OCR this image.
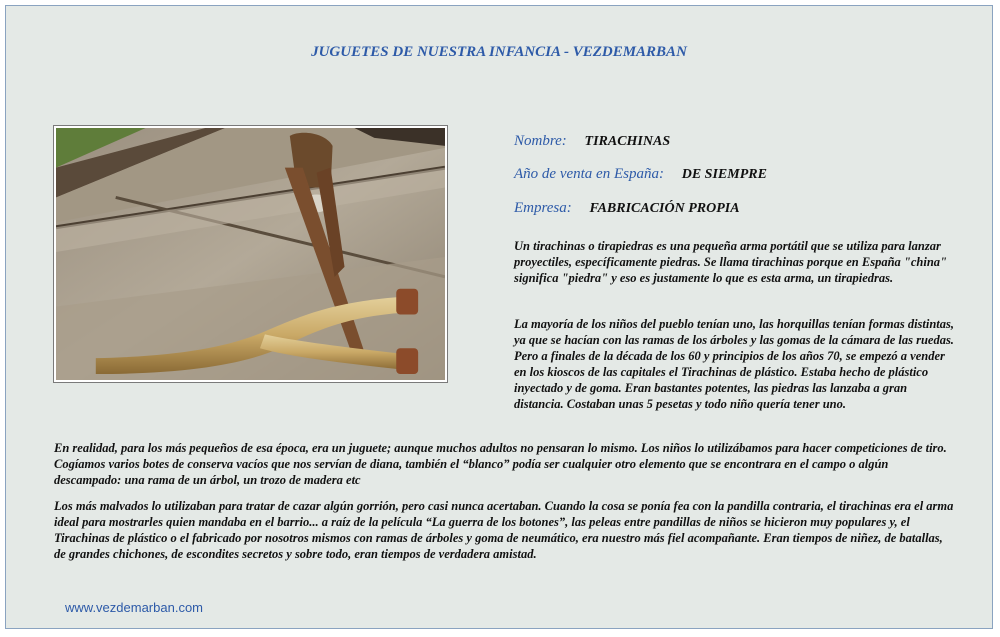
JUGUETES DE NUESTRA INFANCIA - VEZDEMARBAN
Nombre: TIRACHINAS
Año de venta en España: DE SIEMPRE
Empresa: FABRICACIÓN PROPIA

Un tirachinas o tirapiedras es una pequeña arma portátil que se utiliza para lanzar proyectiles, específicamente piedras. Se llama tirachinas porque en España "china" significa "piedra" y eso es justamente lo que es esta arma, un tirapiedras.

La mayoría de los niños del pueblo tenían uno, las horquillas tenían formas distintas, ya que se hacían con las ramas de los árboles y las gomas de la cámara de las ruedas. Pero a finales de la década de los 60 y principios de los años 70, se empezó a vender en los kioscos de las capitales el Tirachinas de plástico. Estaba hecho de plástico inyectado y de goma. Eran bastantes potentes, las piedras las lanzaba a gran distancia. Costaban unas 5 pesetas y todo niño quería tener uno.

En realidad, para los más pequeños de esa época, era un juguete; aunque muchos adultos no pensaran lo mismo. Los niños lo utilizábamos para hacer competiciones de tiro. Cogíamos varios botes de conserva vacíos que nos servían de diana, también el “blanco” podía ser cualquier otro elemento que se encontrara en el campo o algún descampado: una rama de un árbol, un trozo de madera etc

Los más malvados lo utilizaban para tratar de cazar algún gorrión, pero casi nunca acertaban. Cuando la cosa se ponía fea con la pandilla contraria, el tirachinas era el arma ideal para mostrarles quien mandaba en el barrio... a raíz de la película “La guerra de los botones”, las peleas entre pandillas de niños se hicieron muy populares y, el Tirachinas de plástico o el fabricado por nosotros mismos con ramas de árboles y goma de neumático, era nuestro más fiel acompañante. Eran tiempos de niñez, de batallas, de grandes chichones, de escondites secretos y sobre todo, eran tiempos de verdadera amistad.

www.vezdemarban.com
